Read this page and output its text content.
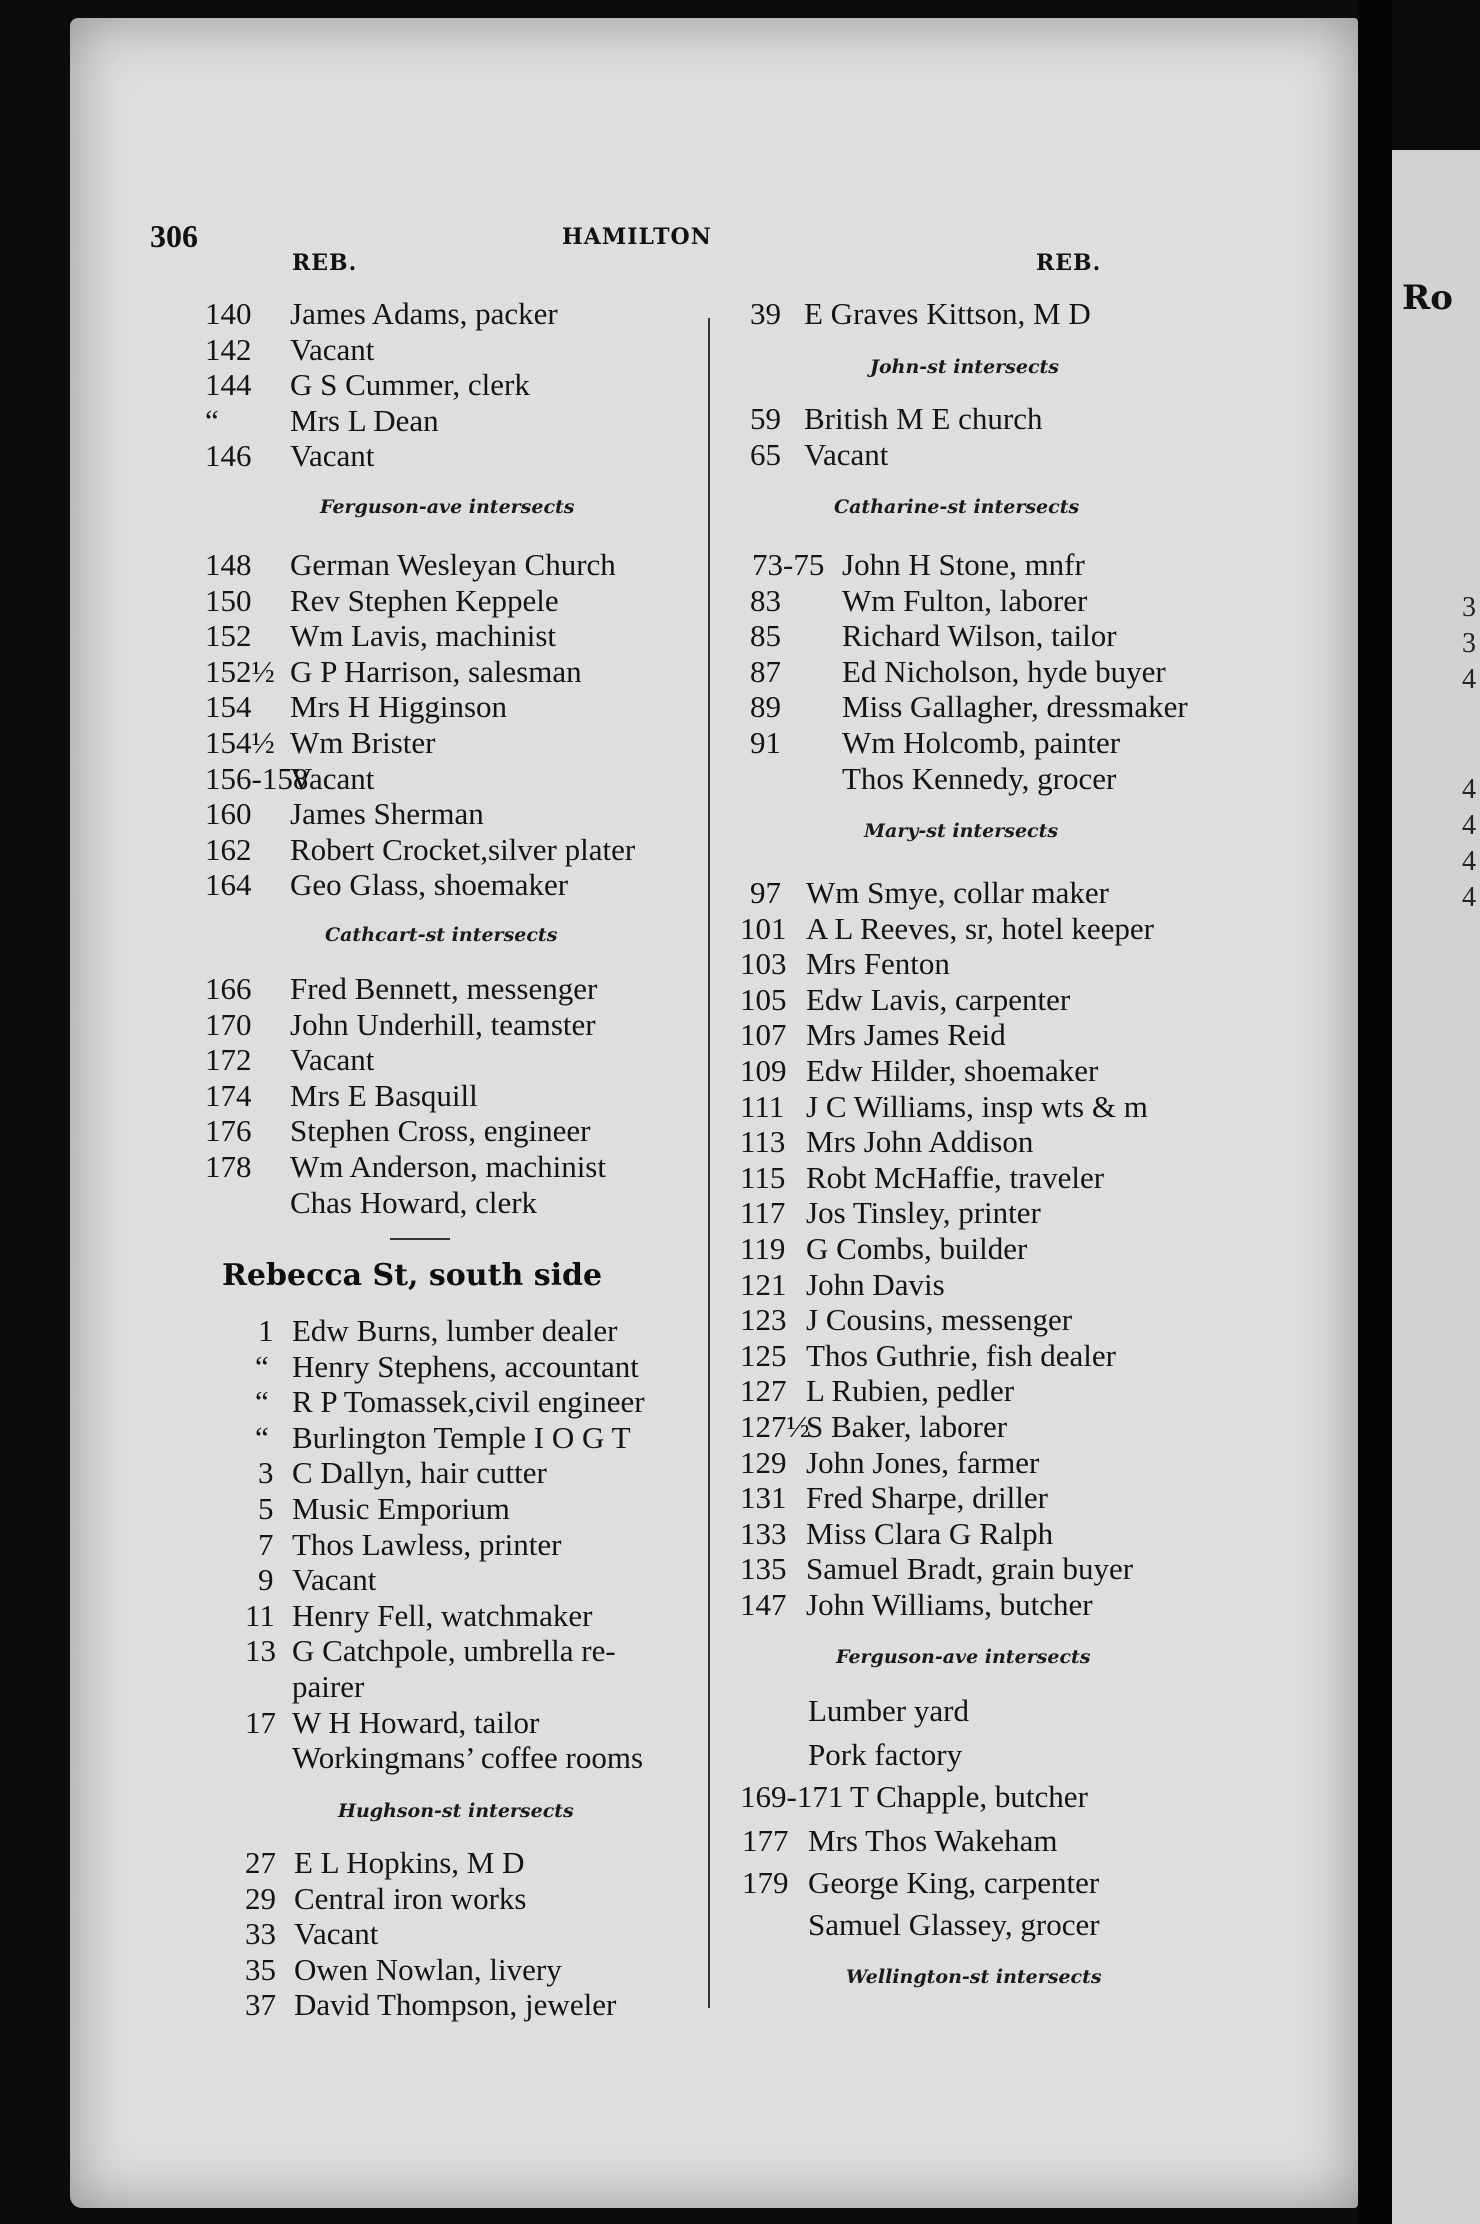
Ro
3
3
4
4
4
4
4
306	HAMILTON
REB.	REB.
140 James Adams, packer
142 Vacant
144 G S Cummer, clerk
“ Mrs L Dean
146 Vacant
Ferguson-ave intersects
148 German Wesleyan Church
150 Rev Stephen Keppele
152 Wm Lavis, machinist
152½ G P Harrison, salesman
154 Mrs H Higginson
154½ Wm Brister
156-158
Vacant
160 James Sherman
162 Robert Crocket,silver plater
164 Geo Glass, shoemaker
Cathcart-st intersects
166 Fred Bennett, messenger
170 John Underhill, teamster
172 Vacant
174 Mrs E Basquill
176 Stephen Cross, engineer
178 Wm Anderson, machinist
Chas Howard, clerk
Rebecca St, south side
1 Edw Burns, lumber dealer
“ Henry Stephens, accountant
“ R P Tomassek,civil engineer
“ Burlington Temple I O G T
3 C Dallyn, hair cutter
5 Music Emporium
7 Thos Lawless, printer
9 Vacant
11 Henry Fell, watchmaker
13 G Catchpole, umbrella re-
pairer
17 W H Howard, tailor
Workingmans’ coffee rooms
Hughson-st intersects
27 E L Hopkins, M D
29 Central iron works
33 Vacant
35 Owen Nowlan, livery
37 David Thompson, jeweler
39 E Graves Kittson, M D
John-st intersects
59 British M E church
65 Vacant
Catharine-st intersects
73-75 John H Stone, mnfr
83 Wm Fulton, laborer
85 Richard Wilson, tailor
87 Ed Nicholson, hyde buyer
89 Miss Gallagher, dressmaker
91 Wm Holcomb, painter
Thos Kennedy, grocer
Mary-st intersects
97 Wm Smye, collar maker
101 A L Reeves, sr, hotel keeper
103 Mrs Fenton
105 Edw Lavis, carpenter
107 Mrs James Reid
109 Edw Hilder, shoemaker
111 J C Williams, insp wts & m
113 Mrs John Addison
115 Robt McHaffie, traveler
117 Jos Tinsley, printer
119 G Combs, builder
121 John Davis
123 J Cousins, messenger
125 Thos Guthrie, fish dealer
127 L Rubien, pedler
127½
S Baker, laborer
129 John Jones, farmer
131 Fred Sharpe, driller
133 Miss Clara G Ralph
135 Samuel Bradt, grain buyer
147 John Williams, butcher
Ferguson-ave intersects
Lumber yard
Pork factory
169-171 T Chapple, butcher
177 Mrs Thos Wakeham
179 George King, carpenter
Samuel Glassey, grocer
Wellington-st intersects
